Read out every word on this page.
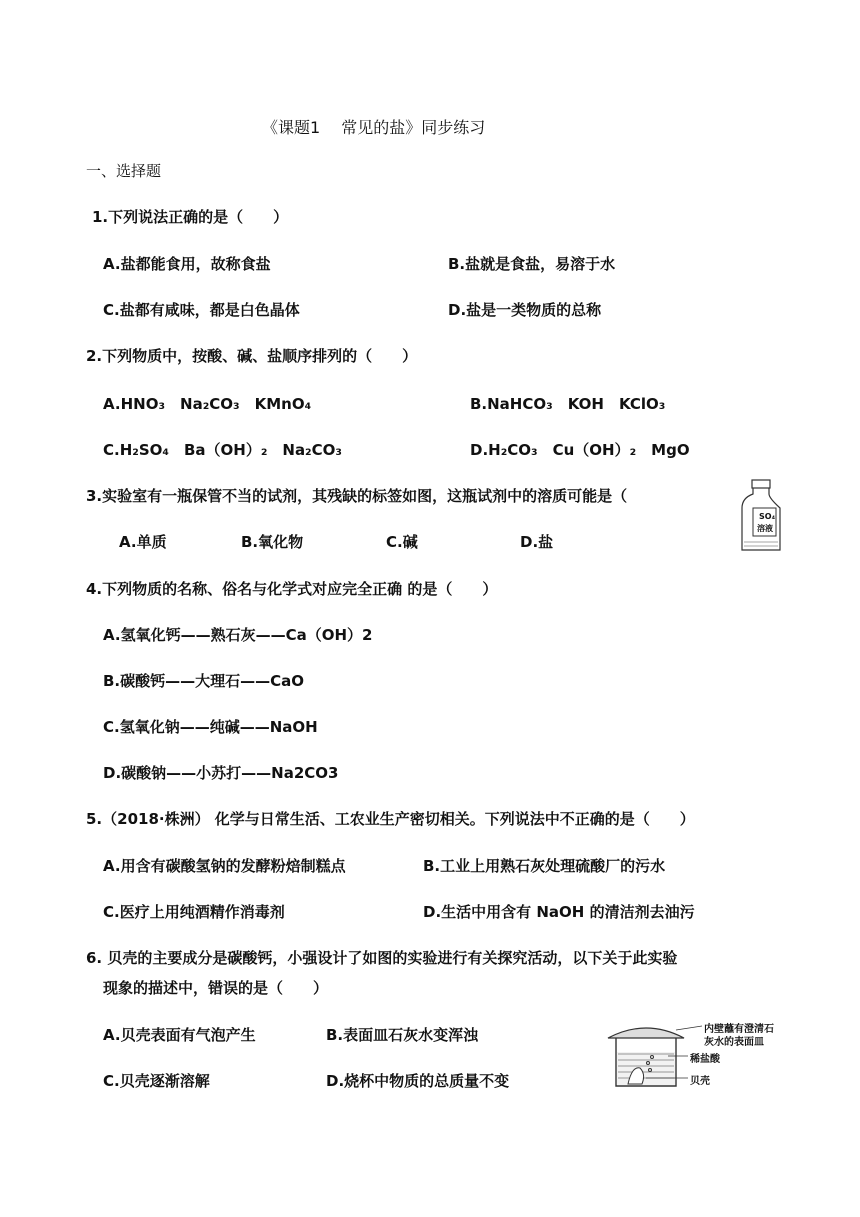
《课题1　 常见的盐》同步练习
一、选择题
1.下列说法正确的是（　　）
A.盐都能食用，故称食盐	B.盐就是食盐，易溶于水
C.盐都有咸味，都是白色晶体	D.盐是一类物质的总称
2.下列物质中，按酸、碱、盐顺序排列的（　　）
A.HNO₃　Na₂CO₃　KMnO₄	B.NaHCO₃　KOH　KClO₃
C.H₂SO₄　Ba（OH）₂　Na₂CO₃	D.H₂CO₃　Cu（OH）₂　MgO
3.实验室有一瓶保管不当的试剂，其残缺的标签如图，这瓶试剂中的溶质可能是（
A.单质	B.氧化物	C.碱	D.盐
SO₄
溶液
4.下列物质的名称、俗名与化学式对应完全正确 的是（　　）
A.氢氧化钙——熟石灰——Ca（OH）2
B.碳酸钙——大理石——CaO
C.氢氧化钠——纯碱——NaOH
D.碳酸钠——小苏打——Na2CO3
5.（2018·株洲） 化学与日常生活、工农业生产密切相关。下列说法中不正确的是（　　）
A.用含有碳酸氢钠的发酵粉焙制糕点	B.工业上用熟石灰处理硫酸厂的污水
C.医疗上用纯酒精作消毒剂	D.生活中用含有 NaOH 的清洁剂去油污
6. 贝壳的主要成分是碳酸钙，小强设计了如图的实验进行有关探究活动，以下关于此实验
现象的描述中，错误的是（　　）
A.贝壳表面有气泡产生	B.表面皿石灰水变浑浊
C.贝壳逐渐溶解	D.烧杯中物质的总质量不变
内壁蘸有澄清石
灰水的表面皿
稀盐酸
贝壳
